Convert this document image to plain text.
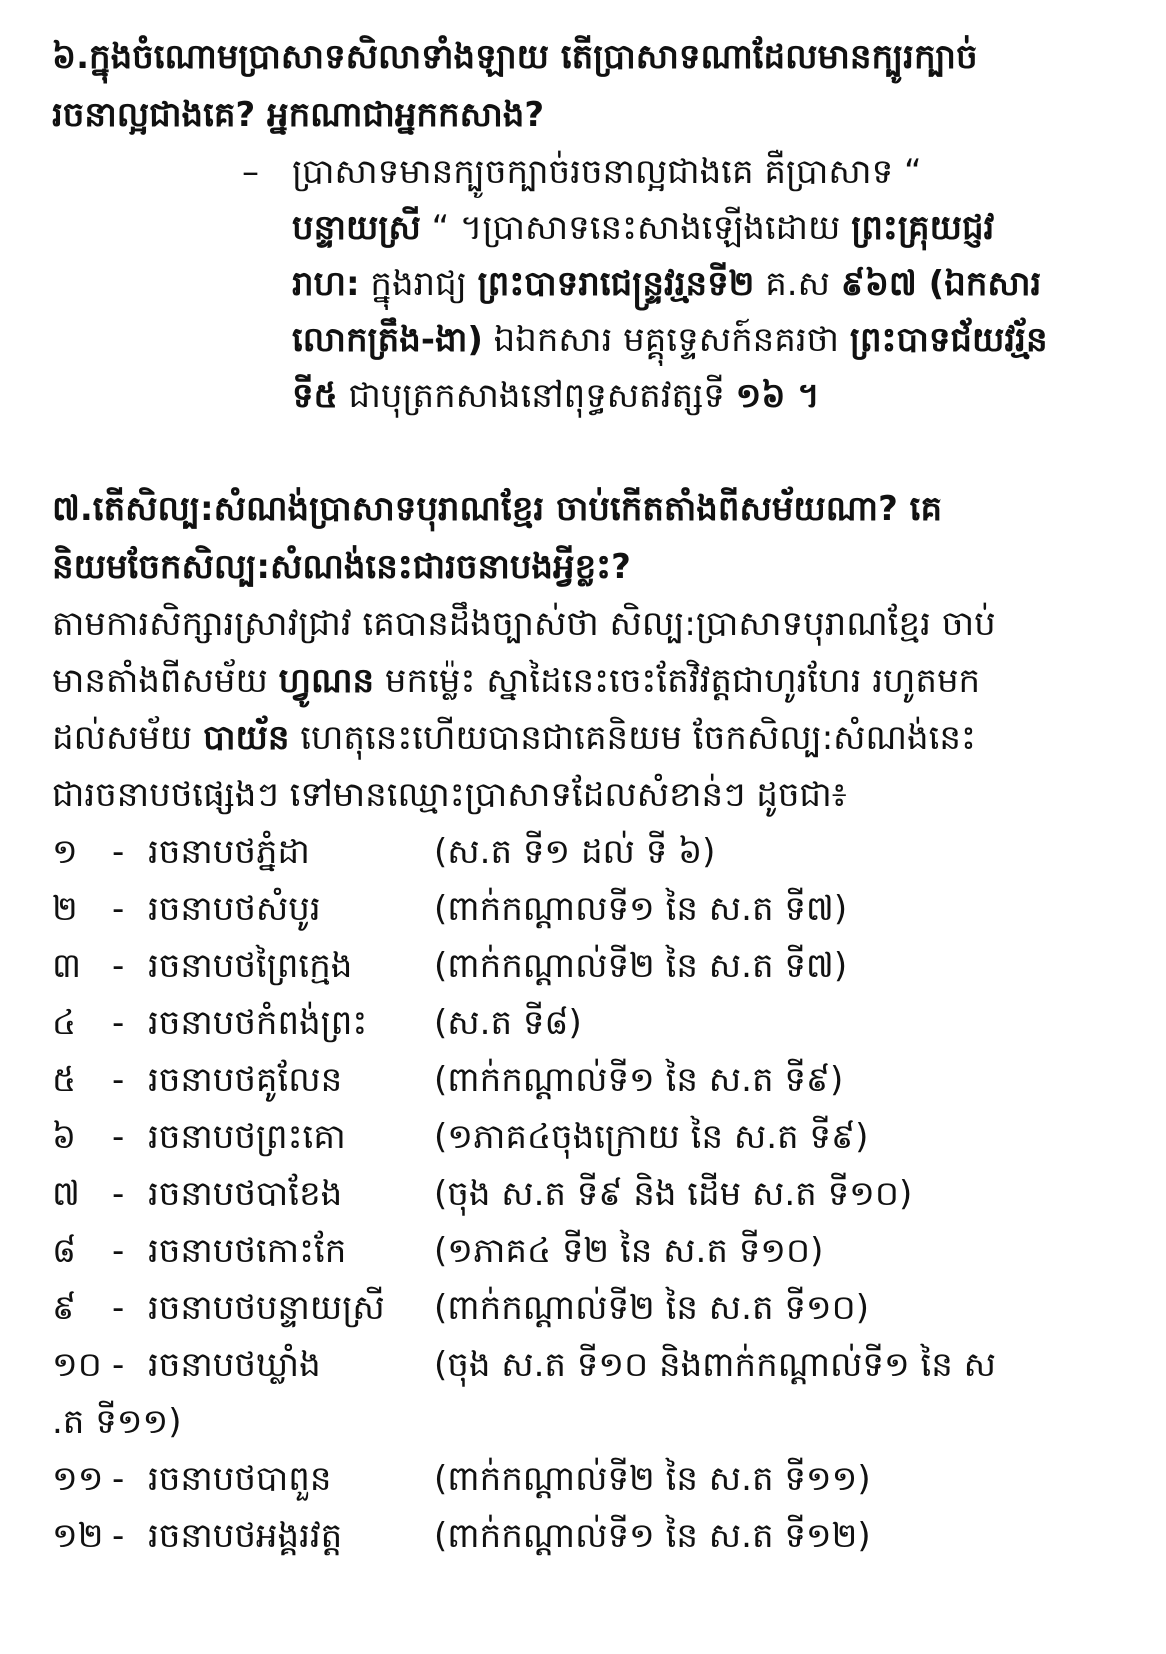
៦.ក្នុងចំណោមប្រាសាទសិលាទាំងឡាយ តើប្រាសាទណាដែលមានក្បូរក្បាច់

រចនាល្អជាងគេ? អ្នកណាជាអ្នកកសាង?

– ប្រាសាទមានក្បូចក្បាច់រចនាល្អជាងគេ គឺប្រាសាទ “
បន្ទាយស្រី “ ។ប្រាសាទនេះសាងឡើងដោយ ព្រះគ្រុយជ្ញវ
រាហ: ក្នុងរាជ្យ ព្រះបាទរាជេន្ទ្រវរ្មនទី២ គ.ស ៩៦៧ (ឯកសារ
លោកត្រឹង-ងា) ឯឯកសារ មគ្គុទ្ទេសក៍នគរថា ព្រះបាទជ័យវរ្ម័ន
ទី៥ ជាបុត្រកសាងនៅពុទ្ធសតវត្សទី ១៦ ។

៧.តើសិល្ប:សំណង់ប្រាសាទបុរាណខ្មែរ ចាប់កើតតាំងពីសម័យណា? គេ

និយមចែកសិល្ប:សំណង់នេះជារចនាបងអ្វីខ្លះ?

តាមការសិក្សារស្រាវជ្រាវ គេបានដឹងច្បាស់ថា សិល្ប:ប្រាសាទបុរាណខ្មែរ ចាប់

មានតាំងពីសម័យ ហ្វូណន មកម៉្លេះ ស្នាដៃនេះចេះតែវិវត្តជាហូរហែរ រហូតមក

ដល់សម័យ បាយ័ន ហេតុនេះហើយបានជាគេនិយម ចែកសិល្ប:សំណង់នេះ

ជារចនាបថផ្សេងៗ ទៅមានឈ្មោះប្រាសាទដែលសំខាន់ៗ ដូចជា៖

១	- រចនាបថភ្នំដា	(ស.ត ទី១ ដល់ ទី ៦)
២	- រចនាបថសំបូរ	(ពាក់កណ្តាលទី១ នៃ ស.ត ទី៧)
៣ - រចនាបថព្រៃក្មេង	(ពាក់កណ្តាល់ទី២ នៃ ស.ត ទី៧)
៤	- រចនាបថកំពង់ព្រះ	(ស.ត ទី៨)
៥	- រចនាបថគូលែន	(ពាក់កណ្តាល់ទី១ នៃ ស.ត ទី៩)
៦	- រចនាបថព្រះគោ	(១ភាគ៤ចុងក្រោយ នៃ ស.ត ទី៩)
៧ - រចនាបថបាខែង	(ចុង ស.ត ទី៩ និង ដើម ស.ត ទី១០)
៨	- រចនាបថកោះកែ	(១ភាគ៤ ទី២ នៃ ស.ត ទី១០)
៩	- រចនាបថបន្ទាយស្រី	(ពាក់កណ្តាល់ទី២ នៃ ស.ត ទី១០)
១០ - រចនាបថឃ្លាំង	(ចុង ស.ត ទី១០ និងពាក់កណ្តាល់ទី១ នៃ ស
.ត ទី១១)
១១ - រចនាបថបាពួន	(ពាក់កណ្តាល់ទី២ នៃ ស.ត ទី១១)
១២ - រចនាបថអង្គរវត្ត	(ពាក់កណ្តាល់ទី១ នៃ ស.ត ទី១២)
